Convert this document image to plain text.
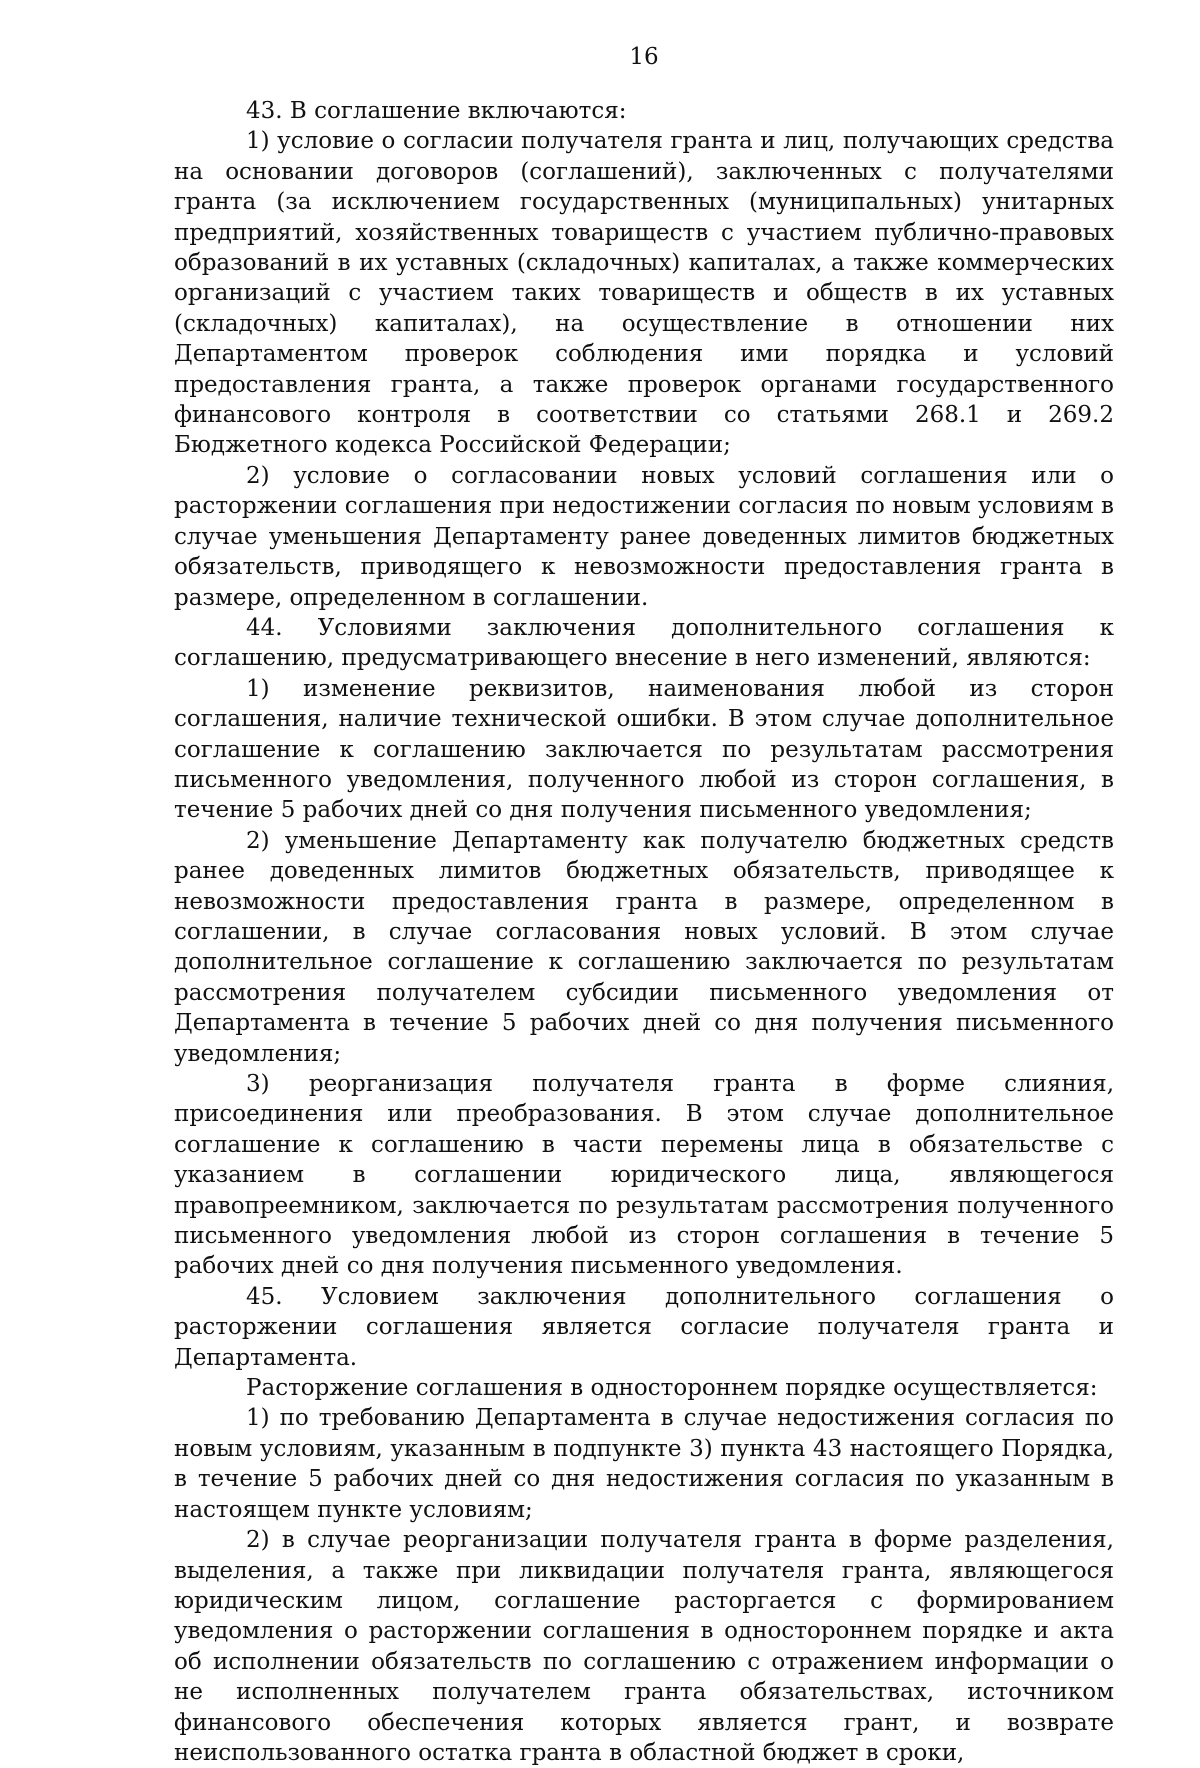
16

43. В соглашение включаются:

1) условие о согласии получателя гранта и лиц, получающих средства на основании договоров (соглашений), заключенных с получателями гранта (за исключением государственных (муниципальных) унитарных предприятий, хозяйственных товариществ с участием публично-правовых образований в их уставных (складочных) капиталах, а также коммерческих организаций с участием таких товариществ и обществ в их уставных (складочных) капиталах), на осуществление в отношении них Департаментом проверок соблюдения ими порядка и условий предоставления гранта, а также проверок органами государственного финансового контроля в соответствии со статьями 268.1 и 269.2 Бюджетного кодекса Российской Федерации;

2) условие о согласовании новых условий соглашения или о расторжении соглашения при недостижении согласия по новым условиям в случае уменьшения Департаменту ранее доведенных лимитов бюджетных обязательств, приводящего к невозможности предоставления гранта в размере, определенном в соглашении.

44. Условиями заключения дополнительного соглашения к соглашению, предусматривающего внесение в него изменений, являются:

1) изменение реквизитов, наименования любой из сторон соглашения, наличие технической ошибки. В этом случае дополнительное соглашение к соглашению заключается по результатам рассмотрения письменного уведомления, полученного любой из сторон соглашения, в течение 5 рабочих дней со дня получения письменного уведомления;

2) уменьшение Департаменту как получателю бюджетных средств ранее доведенных лимитов бюджетных обязательств, приводящее к невозможности предоставления гранта в размере, определенном в соглашении, в случае согласования новых условий. В этом случае дополнительное соглашение к соглашению заключается по результатам рассмотрения получателем субсидии письменного уведомления от Департамента в течение 5 рабочих дней со дня получения письменного уведомления;

3) реорганизация получателя гранта в форме слияния, присоединения или преобразования. В этом случае дополнительное соглашение к соглашению в части перемены лица в обязательстве с указанием в соглашении юридического лица, являющегося правопреемником, заключается по результатам рассмотрения полученного письменного уведомления любой из сторон соглашения в течение 5 рабочих дней со дня получения письменного уведомления.

45. Условием заключения дополнительного соглашения о расторжении соглашения является согласие получателя гранта и Департамента.

Расторжение соглашения в одностороннем порядке осуществляется:

1) по требованию Департамента в случае недостижения согласия по новым условиям, указанным в подпункте 3) пункта 43 настоящего Порядка, в течение 5 рабочих дней со дня недостижения согласия по указанным в настоящем пункте условиям;

2) в случае реорганизации получателя гранта в форме разделения, выделения, а также при ликвидации получателя гранта, являющегося юридическим лицом, соглашение расторгается с формированием уведомления о расторжении соглашения в одностороннем порядке и акта об исполнении обязательств по соглашению с отражением информации о не исполненных получателем гранта обязательствах, источником финансового обеспечения которых является грант, и возврате неиспользованного остатка гранта в областной бюджет в сроки,
